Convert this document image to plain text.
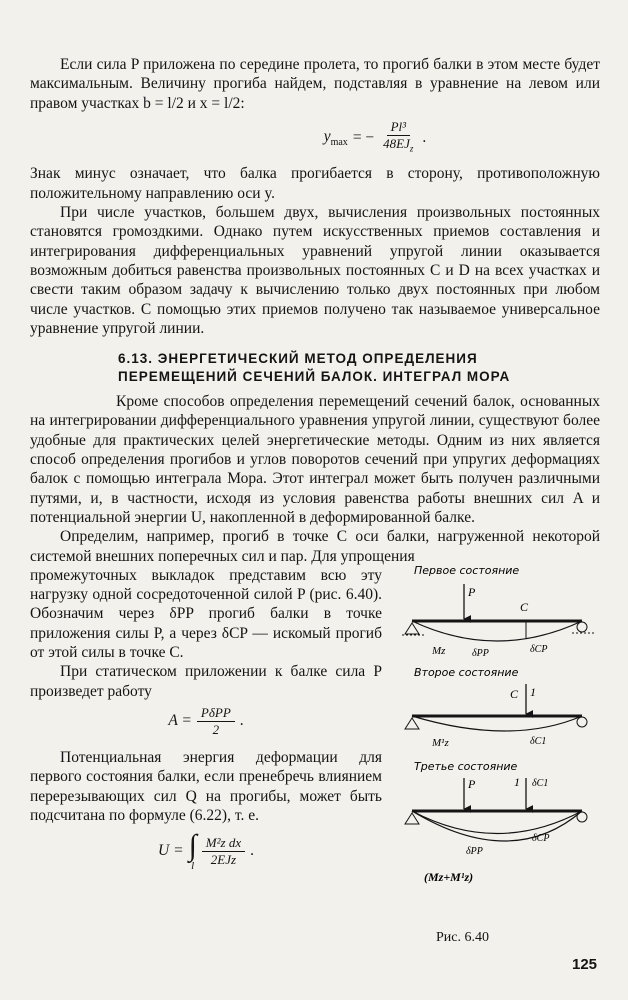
Если сила P приложена по середине пролета, то прогиб балки в этом месте будет максимальным. Величину прогиба найдем, подставляя в уравнение на левом или правом участках b = l/2 и x = l/2:

$y_{max}$ = − $\frac{\text{Pl³}}{48EJ_z}$ .

Знак минус означает, что балка прогибается в сторону, противоположную положительному направлению оси y.

При числе участков, большем двух, вычисления произвольных постоянных становятся громоздкими. Однако путем искусственных приемов составления и интегрирования дифференциальных уравнений упругой линии оказывается возможным добиться равенства произвольных постоянных C и D на всех участках и свести таким образом задачу к вычислению только двух постоянных при любом числе участков. С помощью этих приемов получено так называемое универсальное уравнение упругой линии.

6.13. ЭНЕРГЕТИЧЕСКИЙ МЕТОД ОПРЕДЕЛЕНИЯ
ПЕРЕМЕЩЕНИЙ СЕЧЕНИЙ БАЛОК. ИНТЕГРАЛ МОРА

Кроме способов определения перемещений сечений балок, основанных на интегрировании дифференциального уравнения упругой линии, существуют более удобные для практических целей энергетические методы. Одним из них является способ определения прогибов и углов поворотов сечений при упругих деформациях балок с помощью интеграла Мора. Этот интеграл может быть получен различными путями, и, в частности, исходя из условия равенства работы внешних сил A и потенциальной энергии U, накопленной в деформированной балке.

Определим, например, прогиб в точке C оси балки, нагруженной некоторой системой внешних поперечных сил и пар. Для упрощения

промежуточных выкладок представим всю эту нагрузку одной сосредоточенной силой P (рис. 6.40). Обозначим через δPP прогиб балки в точке приложения силы P, а через δCP — искомый прогиб от этой силы в точке C.

При статическом приложении к балке сила P произведет работу

$A = \frac{\text{PδPP}}{2}$ .

Потенциальная энергия деформации для первого состояния балки, если пренебречь влиянием перерезывающих сил Q на прогибы, может быть подсчитана по формуле (6.22), т. е.

U = ∫
l $\frac{\text{M²z dx}}{\text{2EJz}}$ .
Первое состояние
P
C
Mz	δPP	δCP
Второе состояние
C 1
M¹z	δC1
Третье состояние
P	1 δC1
δCP
δPP
(Mz+M¹z)
Рис. 6.40
125
